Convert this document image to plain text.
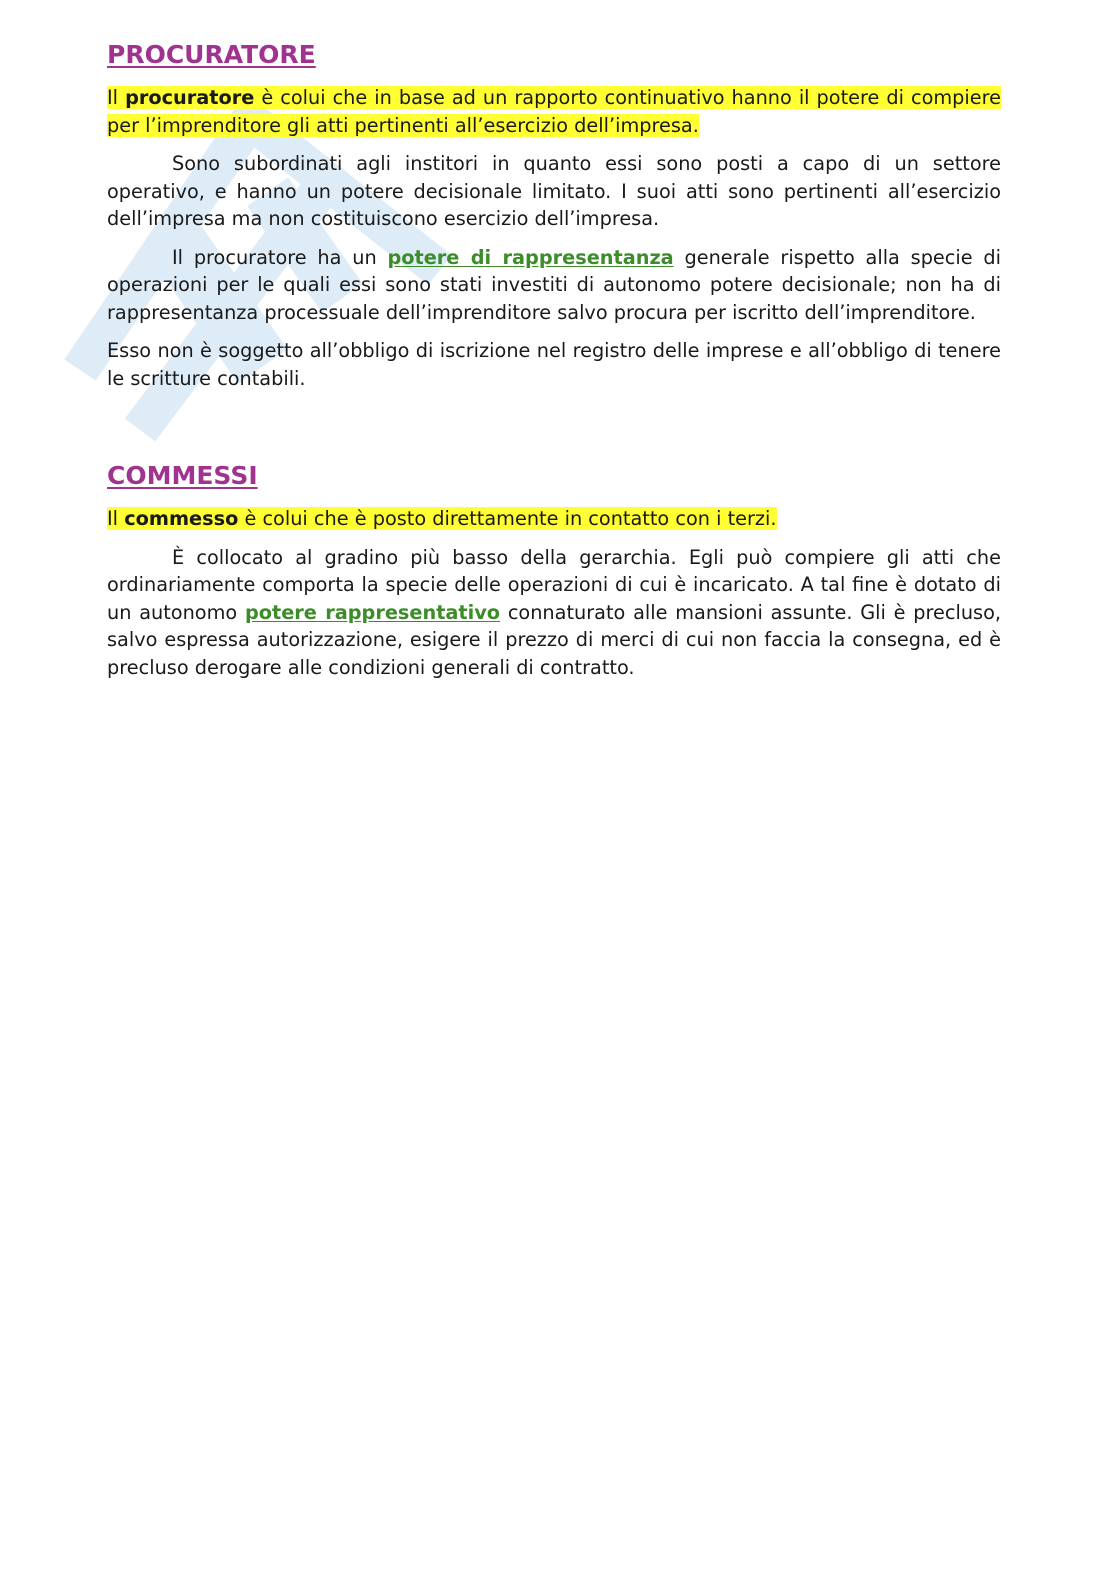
PROCURATORE

Il procuratore è colui che in base ad un rapporto continuativo hanno il potere di compiere per l’imprenditore gli atti pertinenti all’esercizio dell’impresa.

Sono subordinati agli institori in quanto essi sono posti a capo di un settore operativo, e hanno un potere decisionale limitato. I suoi atti sono pertinenti all’esercizio dell’impresa ma non costituiscono esercizio dell’impresa.

Il procuratore ha un potere di rappresentanza generale rispetto alla specie di operazioni per le quali essi sono stati investiti di autonomo potere decisionale; non ha di rappresentanza processuale dell’imprenditore salvo procura per iscritto dell’imprenditore.

Esso non è soggetto all’obbligo di iscrizione nel registro delle imprese e all’obbligo di tenere le scritture contabili.

COMMESSI

Il commesso è colui che è posto direttamente in contatto con i terzi.

È collocato al gradino più basso della gerarchia. Egli può compiere gli atti che ordinariamente comporta la specie delle operazioni di cui è incaricato. A tal fine è dotato di un autonomo potere rappresentativo connaturato alle mansioni assunte. Gli è precluso, salvo espressa autorizzazione, esigere il prezzo di merci di cui non faccia la consegna, ed è precluso derogare alle condizioni generali di contratto.
